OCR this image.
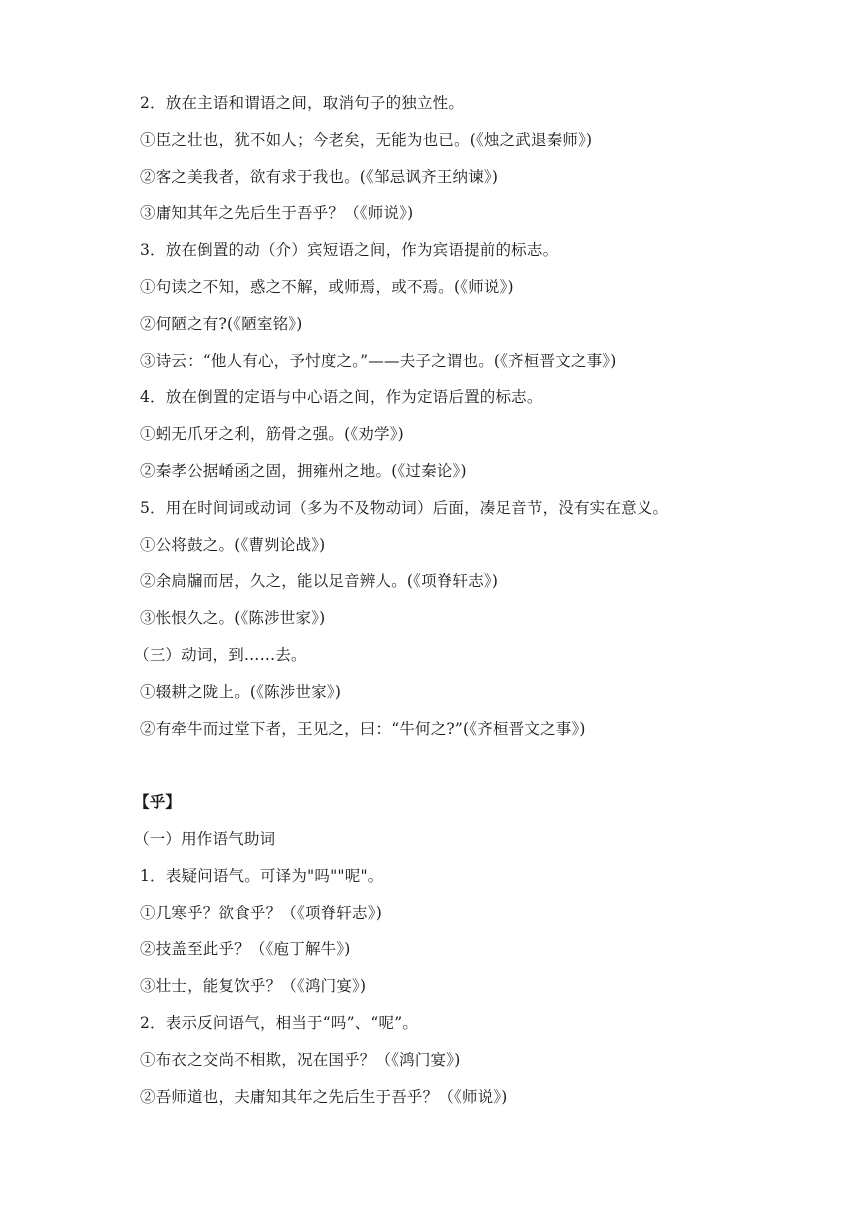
2．放在主语和谓语之间，取消句子的独立性。
①臣之壮也，犹不如人；今老矣，无能为也已。(《烛之武退秦师》)
②客之美我者，欲有求于我也。(《邹忌讽齐王纳谏》)
③庸知其年之先后生于吾乎？（《师说》)
3．放在倒置的动（介）宾短语之间，作为宾语提前的标志。
①句读之不知，惑之不解，或师焉，或不焉。(《师说》)
②何陋之有?(《陋室铭》)
③诗云：“他人有心，予忖度之。”——夫子之谓也。(《齐桓晋文之事》)
4．放在倒置的定语与中心语之间，作为定语后置的标志。
①蚓无爪牙之利，筋骨之强。(《劝学》)
②秦孝公据崤函之固，拥雍州之地。(《过秦论》)
5．用在时间词或动词（多为不及物动词）后面，凑足音节，没有实在意义。
①公将鼓之。(《曹刿论战》)
②余扃牖而居，久之，能以足音辨人。(《项脊轩志》)
③怅恨久之。(《陈涉世家》)
（三）动词，到……去。
①辍耕之陇上。(《陈涉世家》)
②有牵牛而过堂下者，王见之，曰：“牛何之?”(《齐桓晋文之事》)
【乎】
（一）用作语气助词
1．表疑问语气。可译为"吗""呢"。
①几寒乎？欲食乎？（《项脊轩志》)
②技盖至此乎？（《庖丁解牛》)
③壮士，能复饮乎？（《鸿门宴》)
2．表示反问语气，相当于“吗”、“呢”。
①布衣之交尚不相欺，况在国乎？（《鸿门宴》)
②吾师道也，夫庸知其年之先后生于吾乎？（《师说》)
